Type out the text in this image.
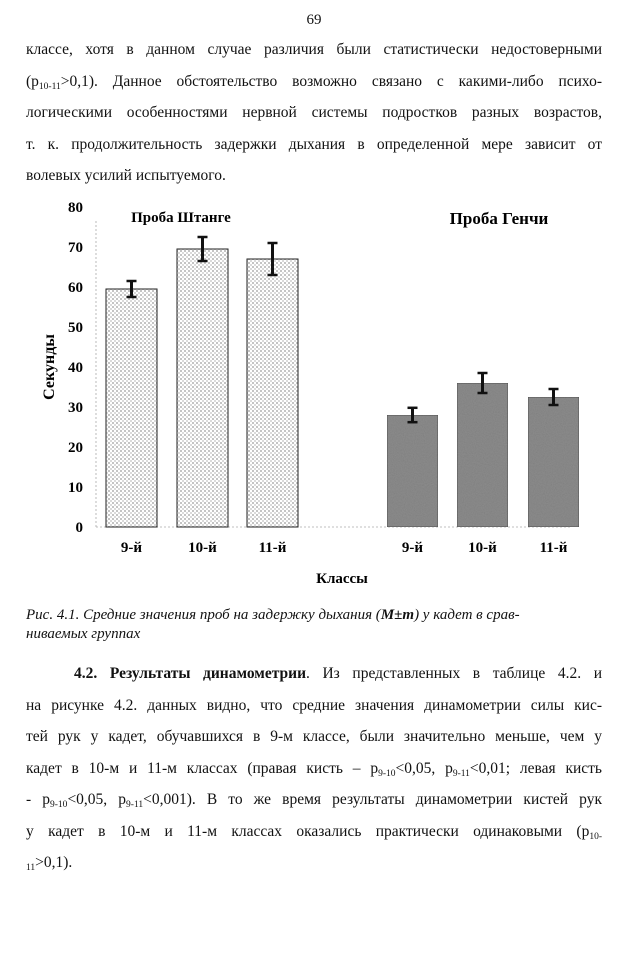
69
классе, хотя в данном случае различия были статистически недостоверными
$(p_{10-11}>0,1)$. Данное обстоятельство возможно связано с какими-либо психо-
логическими особенностями нервной системы подростков разных возрастов,
т. к. продолжительность задержки дыхания в определенной мере зависит от
волевых усилий испытуемого.
0
10
20
30
40
50
60
70
80
Секунды
Проба Штанге
9-й	10-й	11-й
Проба Генчи
9-й	10-й	11-й
Классы

Рис. 4.1. Средние значения проб на задержку дыхания (M±m) у кадет в срав-
ниваемых группах

4.2. Результаты динамометрии. Из представленных в таблице 4.2. и
на рисунке 4.2. данных видно, что средние значения динамометрии силы кис-
тей рук у кадет, обучавшихся в 9-м классе, были значительно меньше, чем у
кадет в 10-м и 11-м классах (правая кисть – $p_{9-10}<0,05$, $p_{9-11}<0,01$; левая кисть
- $p_{9-10}<0,05$, $p_{9-11}<0,001$). В то же время результаты динамометрии кистей рук
у кадет в 10-м и 11-м классах оказались практически одинаковыми ($p_{10-}$
$_{11}$>0,1).
